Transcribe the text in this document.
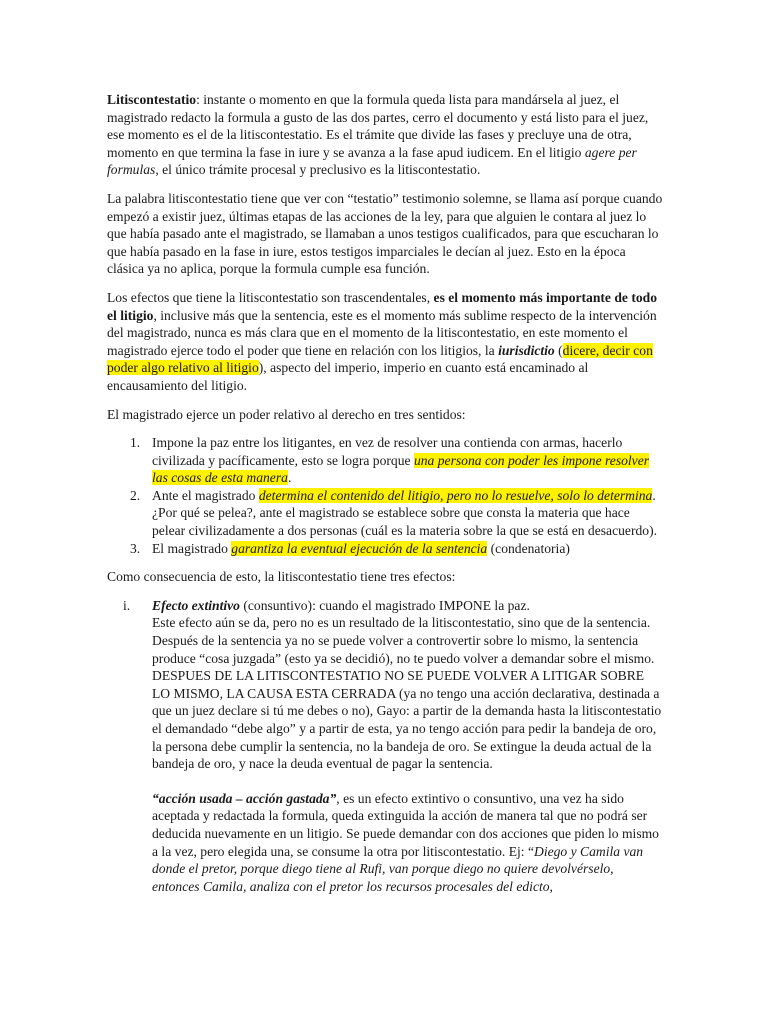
Litiscontestatio: instante o momento en que la formula queda lista para mandársela al juez, el magistrado redacto la formula a gusto de las dos partes, cerro el documento y está listo para el juez, ese momento es el de la litiscontestatio. Es el trámite que divide las fases y precluye una de otra, momento en que termina la fase in iure y se avanza a la fase apud iudicem. En el litigio agere per formulas, el único trámite procesal y preclusivo es la litiscontestatio.

La palabra litiscontestatio tiene que ver con “testatio” testimonio solemne, se llama así porque cuando empezó a existir juez, últimas etapas de las acciones de la ley, para que alguien le contara al juez lo que había pasado ante el magistrado, se llamaban a unos testigos cualificados, para que escucharan lo que había pasado en la fase in iure, estos testigos imparciales le decían al juez. Esto en la época clásica ya no aplica, porque la formula cumple esa función.

Los efectos que tiene la litiscontestatio son trascendentales, es el momento más importante de todo el litigio, inclusive más que la sentencia, este es el momento más sublime respecto de la intervención del magistrado, nunca es más clara que en el momento de la litiscontestatio, en este momento el magistrado ejerce todo el poder que tiene en relación con los litigios, la iurisdictio (dicere, decir con poder algo relativo al litigio), aspecto del imperio, imperio en cuanto está encaminado al encausamiento del litigio.

El magistrado ejerce un poder relativo al derecho en tres sentidos:

1. Impone la paz entre los litigantes, en vez de resolver una contienda con armas, hacerlo civilizada y pacíficamente, esto se logra porque una persona con poder les impone resolver las cosas de esta manera.
2. Ante el magistrado determina el contenido del litigio, pero no lo resuelve, solo lo determina. ¿Por qué se pelea?, ante el magistrado se establece sobre que consta la materia que hace pelear civilizadamente a dos personas (cuál es la materia sobre la que se está en desacuerdo).
3. El magistrado garantiza la eventual ejecución de la sentencia (condenatoria)

Como consecuencia de esto, la litiscontestatio tiene tres efectos:

i. Efecto extintivo (consuntivo): cuando el magistrado IMPONE la paz.
Este efecto aún se da, pero no es un resultado de la litiscontestatio, sino que de la sentencia. Después de la sentencia ya no se puede volver a controvertir sobre lo mismo, la sentencia produce “cosa juzgada” (esto ya se decidió), no te puedo volver a demandar sobre el mismo. DESPUES DE LA LITISCONTESTATIO NO SE PUEDE VOLVER A LITIGAR SOBRE LO MISMO, LA CAUSA ESTA CERRADA (ya no tengo una acción declarativa, destinada a que un juez declare si tú me debes o no), Gayo: a partir de la demanda hasta la litiscontestatio el demandado “debe algo” y a partir de esta, ya no tengo acción para pedir la bandeja de oro, la persona debe cumplir la sentencia, no la bandeja de oro. Se extingue la deuda actual de la bandeja de oro, y nace la deuda eventual de pagar la sentencia.
“acción usada – acción gastada”, es un efecto extintivo o consuntivo, una vez ha sido aceptada y redactada la formula, queda extinguida la acción de manera tal que no podrá ser deducida nuevamente en un litigio. Se puede demandar con dos acciones que piden lo mismo a la vez, pero elegida una, se consume la otra por litiscontestatio. Ej: “Diego y Camila van donde el pretor, porque diego tiene al Rufi, van porque diego no quiere devolvérselo, entonces Camila, analiza con el pretor los recursos procesales del edicto,
